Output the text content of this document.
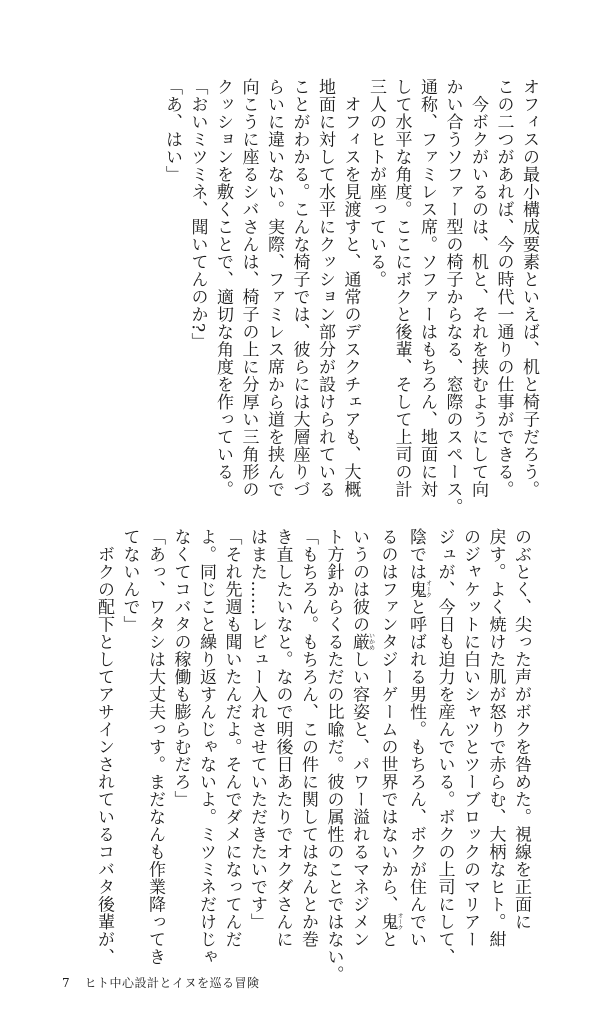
オフィスの最小構成要素といえば、机と椅子だろう。

この二つがあれば、今の時代一通りの仕事ができる。

　今ボクがいるのは、机と、それを挟むようにして向

かい合うソファー型の椅子からなる、窓際のスペース。

通称、ファミレス席。ソファーはもちろん、地面に対

して水平な角度。ここにボクと後輩、そして上司の計

三人のヒトが座っている。

　オフィスを見渡すと、通常のデスクチェアも、大概

地面に対して水平にクッション部分が設けられている

ことがわかる。こんな椅子では、彼らには大層座りづ

らいに違いない。実際、ファミレス席から道を挟んで

向こうに座るシバさんは、椅子の上に分厚い三角形の

クッションを敷くことで、適切な角度を作っている。

「おいミツミネ、聞いてんのか?」

「あ、はい」

のぶとく、尖った声がボクを咎めた。視線を正面に

戻す。よく焼けた肌が怒りで赤らむ、大柄なヒト。紺

のジャケットに白いシャツとツーブロックのマリアー

ジュが、今日も迫力を産んでいる。ボクの上司にして、

陰では鬼オークと呼ばれる男性。もちろん、ボクが住んでい

るのはファンタジーゲームの世界ではないから、鬼オークと

いうのは彼の厳いかめしい容姿と、パワー溢れるマネジメン

ト方針からくるただの比喩だ。彼の属性のことではない。

「もちろん。もちろん、この件に関してはなんとか巻

き直したいなと。なので明後日あたりでオクダさんに

はまた……レビュー入れさせていただきたいです」

「それ先週も聞いたんだよ。そんでダメになってんだ

よ。同じこと繰り返すんじゃないよ。ミツミネだけじゃ

なくてコバタの稼働も膨らむだろ」

「あっ、ワタシは大丈夫っす。まだなんも作業降ってき

てないんで」

　ボクの配下としてアサインされているコバタ後輩が、

7 ヒト中心設計とイヌを巡る冒険
